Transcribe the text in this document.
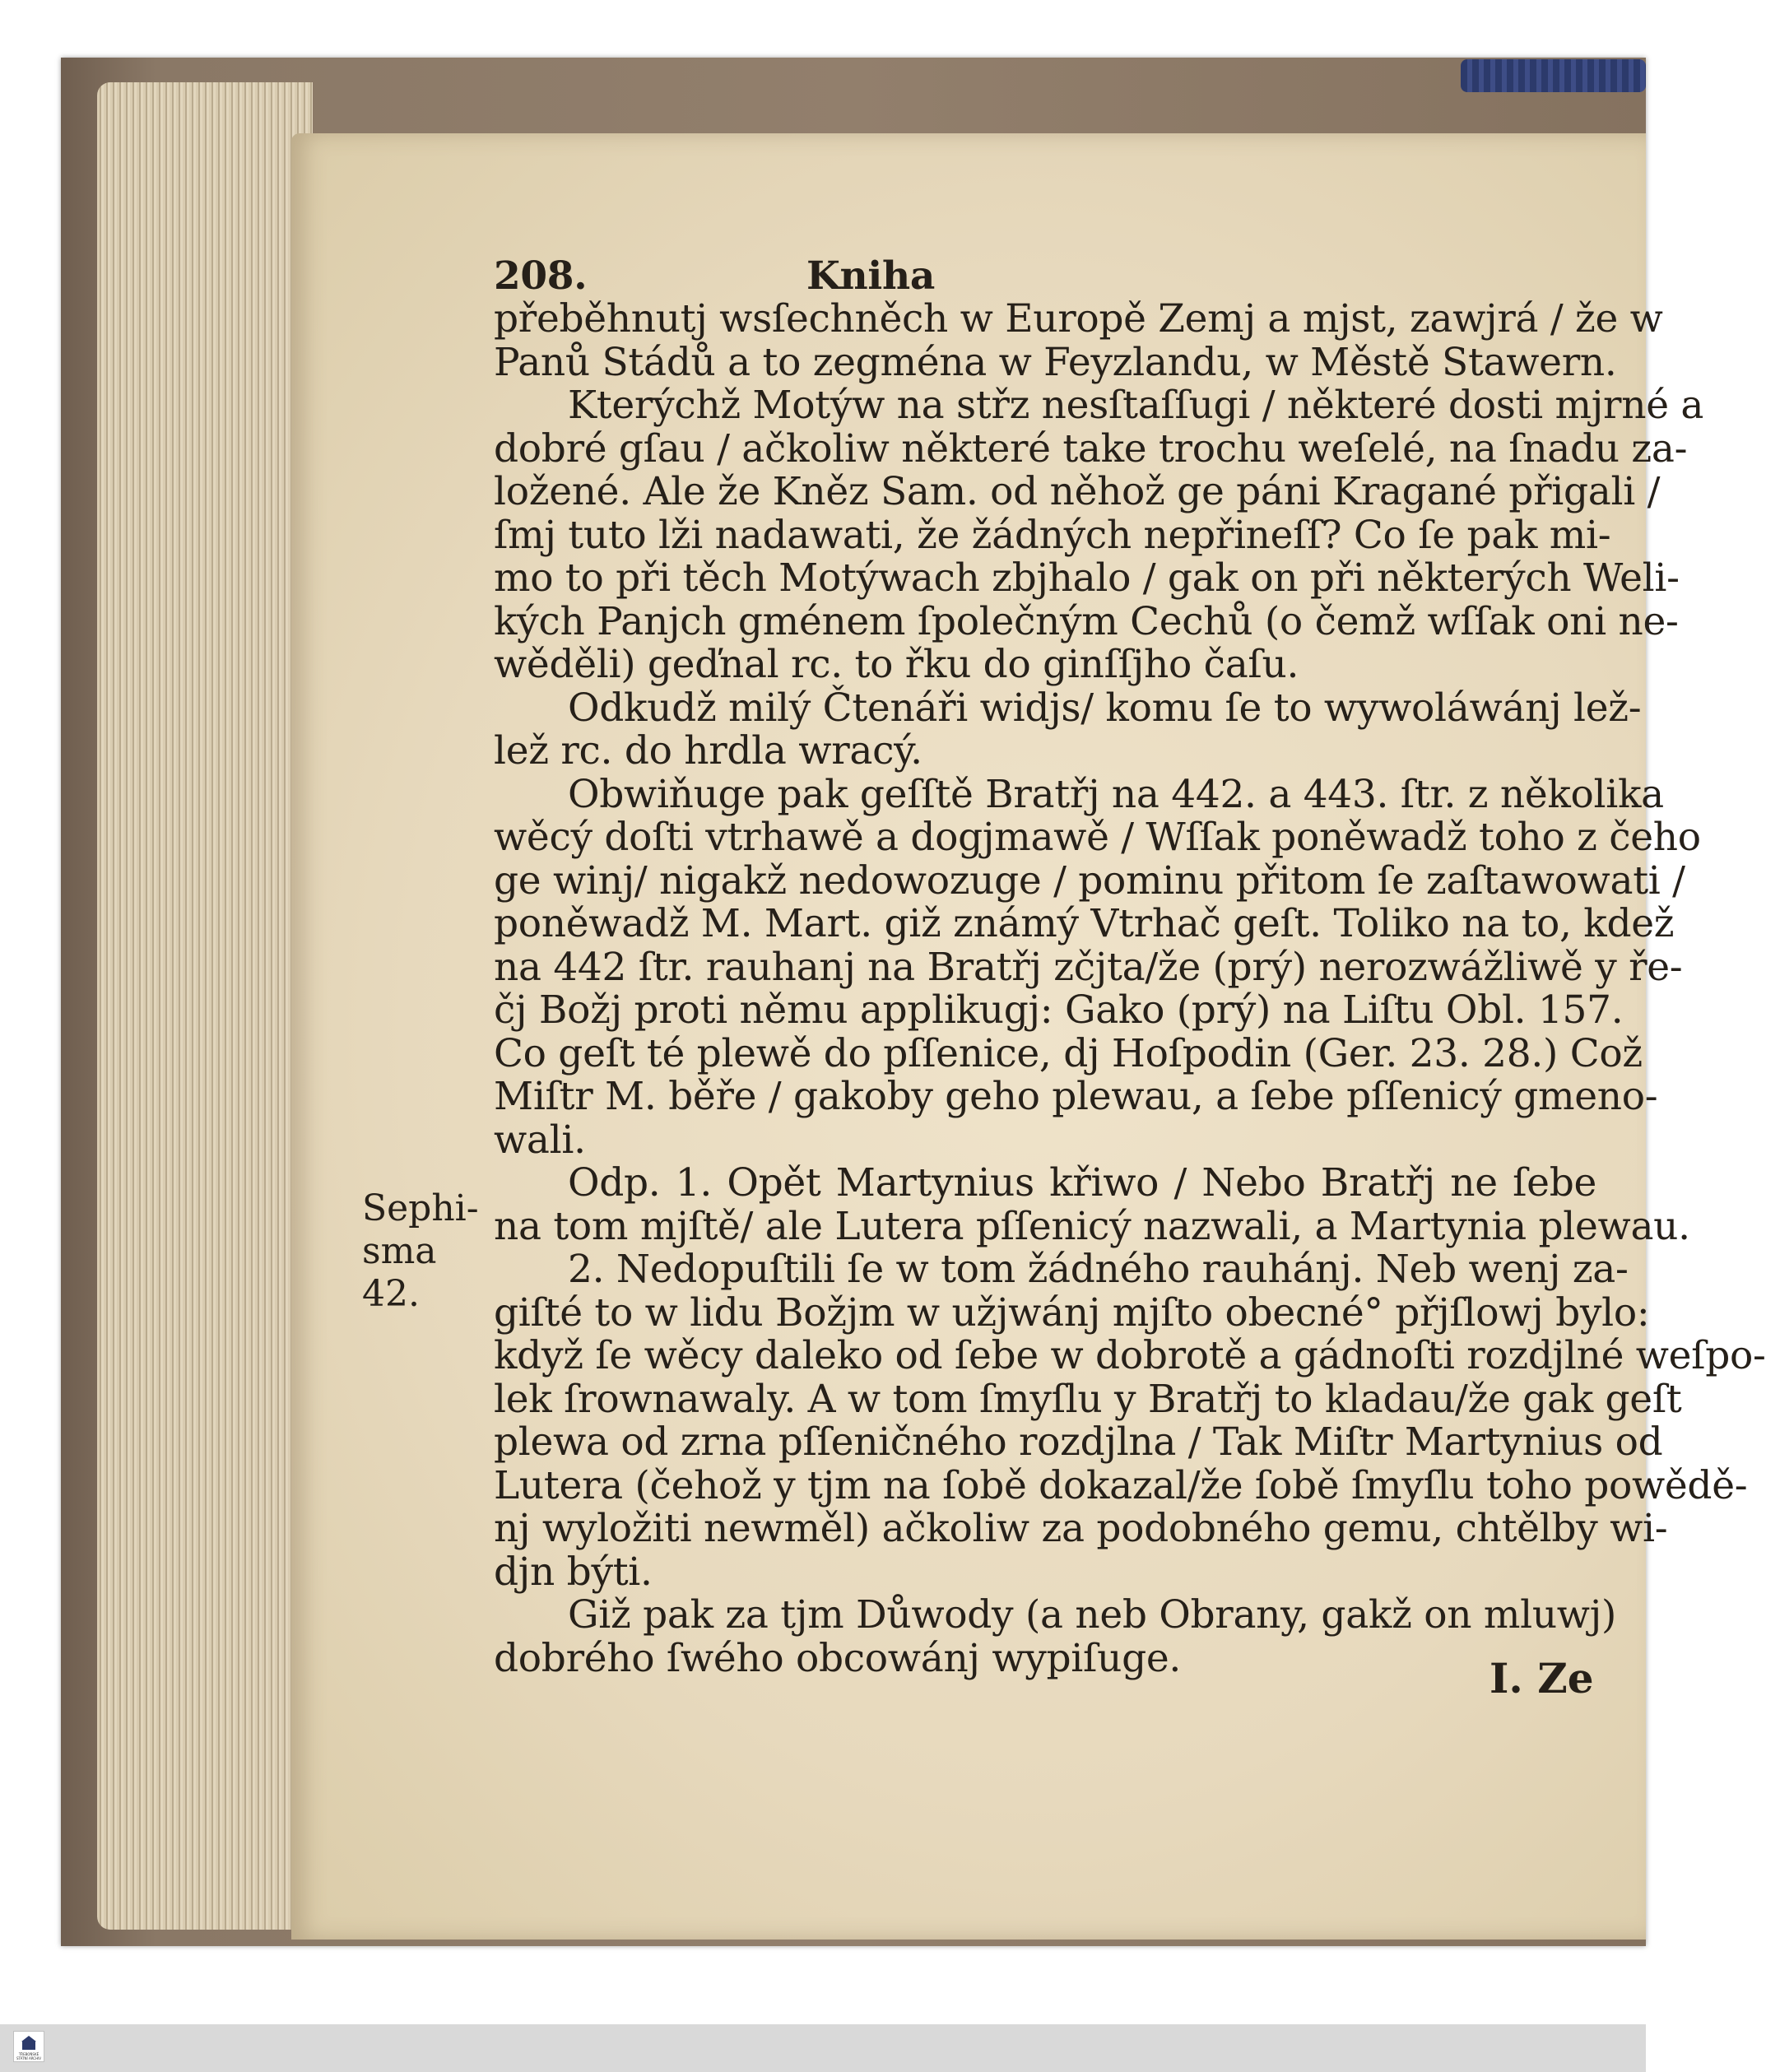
Sephi-
sma 42.
208.	Kniha
přeběhnutj wsſechněch w Europě Zemj a mjst, zawjrá / že w
Panů Stádů a to zegména w Feyzlandu, w Městě Stawern.
Kterýchž Motýw na střz nesſtaſſugi / některé dosti mjrné a
dobré gſau / ačkoliw některé take trochu weſelé, na ſnadu za-
ložené. Ale že Kněz Sam. od něhož ge páni Kragané přigali /
ſmj tuto lži nadawati, že žádných nepřineſſ? Co ſe pak mi-
mo to při těch Motýwach zbjhalo / gak on při některých Weli-
kých Panjch gménem ſpolečným Cechů (o čemž wſſak oni ne-
wěděli) geďnal rc. to řku do ginſſjho čaſu.
Odkudž milý Čtenáři widjs/ komu ſe to wywoláwánj lež-
lež rc. do hrdla wracý.
Obwiňuge pak geſſtě Bratřj na 442. a 443. ſtr. z několika
wěcý doſti vtrhawě a dogjmawě / Wſſak poněwadž toho z čeho
ge winj/ nigakž nedowozuge / pominu přitom ſe zaſtawowati /
poněwadž M. Mart. giž známý Vtrhač geſt. Toliko na to, kdež
na 442 ſtr. rauhanj na Bratřj zčjta/že (prý) nerozwážliwě y ře-
čj Božj proti němu applikugj: Gako (prý) na Liſtu Obl. 157.
Co geſt té plewě do pſſenice, dj Hoſpodin (Ger. 23. 28.) Což
Miſtr M. běře / gakoby geho plewau, a ſebe pſſenicý gmeno-
wali.
Odp. 1. Opět Martynius křiwo / Nebo Bratřj ne ſebe
na tom mjſtě/ ale Lutera pſſenicý nazwali, a Martynia plewau.
2. Nedopuſtili ſe w tom žádného rauhánj. Neb wenj za-
giſté to w lidu Božjm w užjwánj mjſto obecné° přjſlowj bylo:
když ſe wěcy daleko od ſebe w dobrotě a gádnoſti rozdjlné weſpo-
lek ſrownawaly. A w tom ſmyſlu y Bratřj to kladau/že gak geſt
plewa od zrna pſſeničného rozdjlna / Tak Miſtr Martynius od
Lutera (čehož y tjm na ſobě dokazal/že ſobě ſmyſlu toho powědě-
nj wyložiti newměl) ačkoliw za podobného gemu, chtělby wi-
djn býti.
Giž pak za tjm Důwody (a neb Obrany, gakž on mluwj)
dobrého ſwého obcowánj wypiſuge.	I. Ze
TŘEBOŇSKÉ STÁTNÍ ARCHIV
